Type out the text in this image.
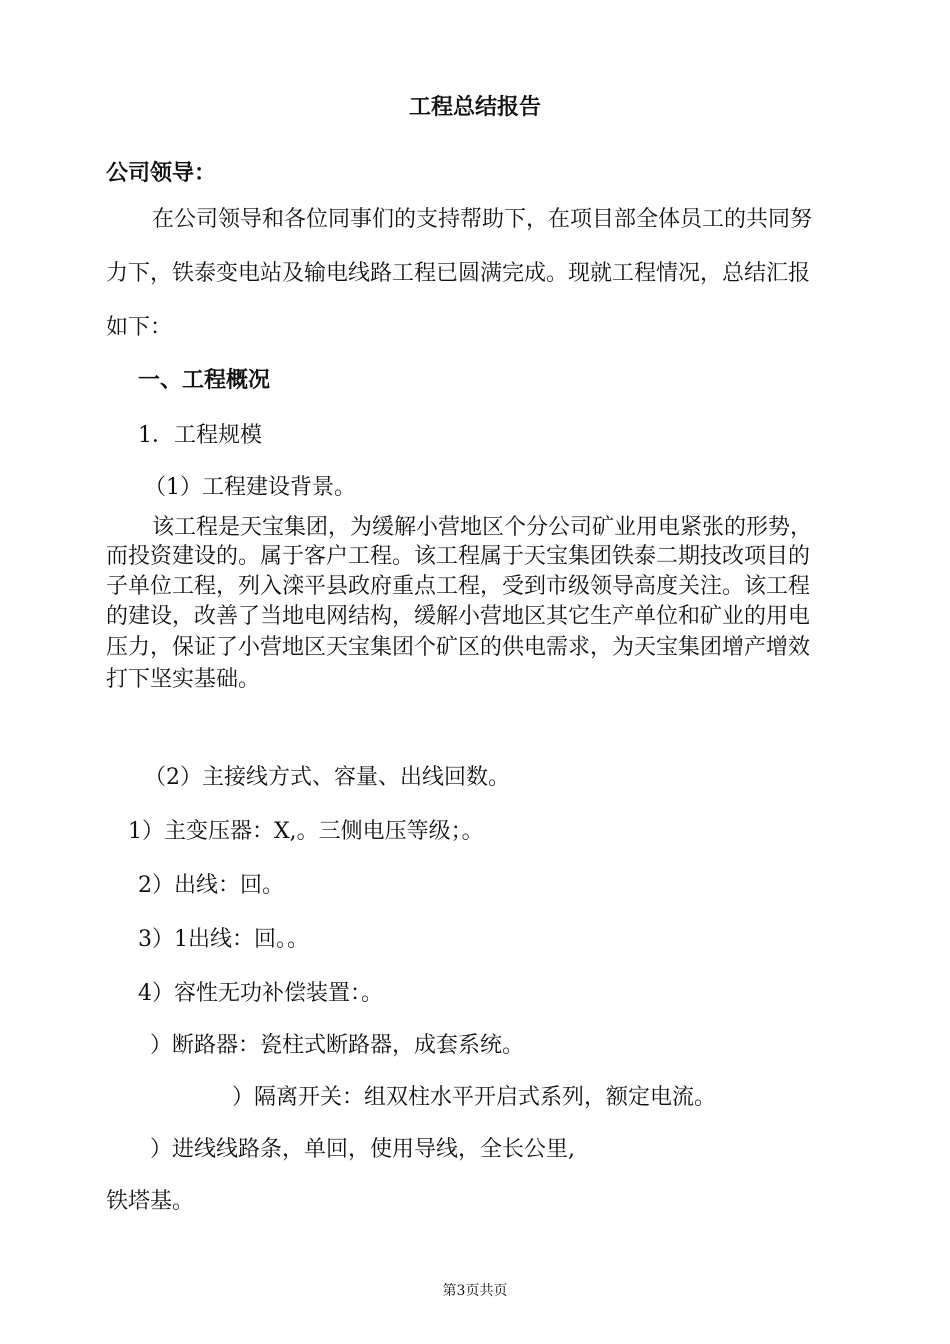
工程总结报告
公司领导：
在公司领导和各位同事们的支持帮助下，在项目部全体员工的共同努
力下，铁泰变电站及输电线路工程已圆满完成。现就工程情况，总结汇报
如下：
一、工程概况
1．工程规模
（1）工程建设背景。
该工程是天宝集团，为缓解小营地区个分公司矿业用电紧张的形势，
而投资建设的。属于客户工程。该工程属于天宝集团铁泰二期技改项目的
子单位工程，列入滦平县政府重点工程，受到市级领导高度关注。该工程
的建设，改善了当地电网结构，缓解小营地区其它生产单位和矿业的用电
压力，保证了小营地区天宝集团个矿区的供电需求，为天宝集团增产增效
打下坚实基础。
（2）主接线方式、容量、出线回数。
1）主变压器：X,。三侧电压等级；。
2）出线：回。
3）1出线：回。。
4）容性无功补偿装置：。
）断路器：瓷柱式断路器，成套系统。
）隔离开关：组双柱水平开启式系列，额定电流。
）进线线路条，单回，使用导线，全长公里,
铁塔基。
第3页共页
